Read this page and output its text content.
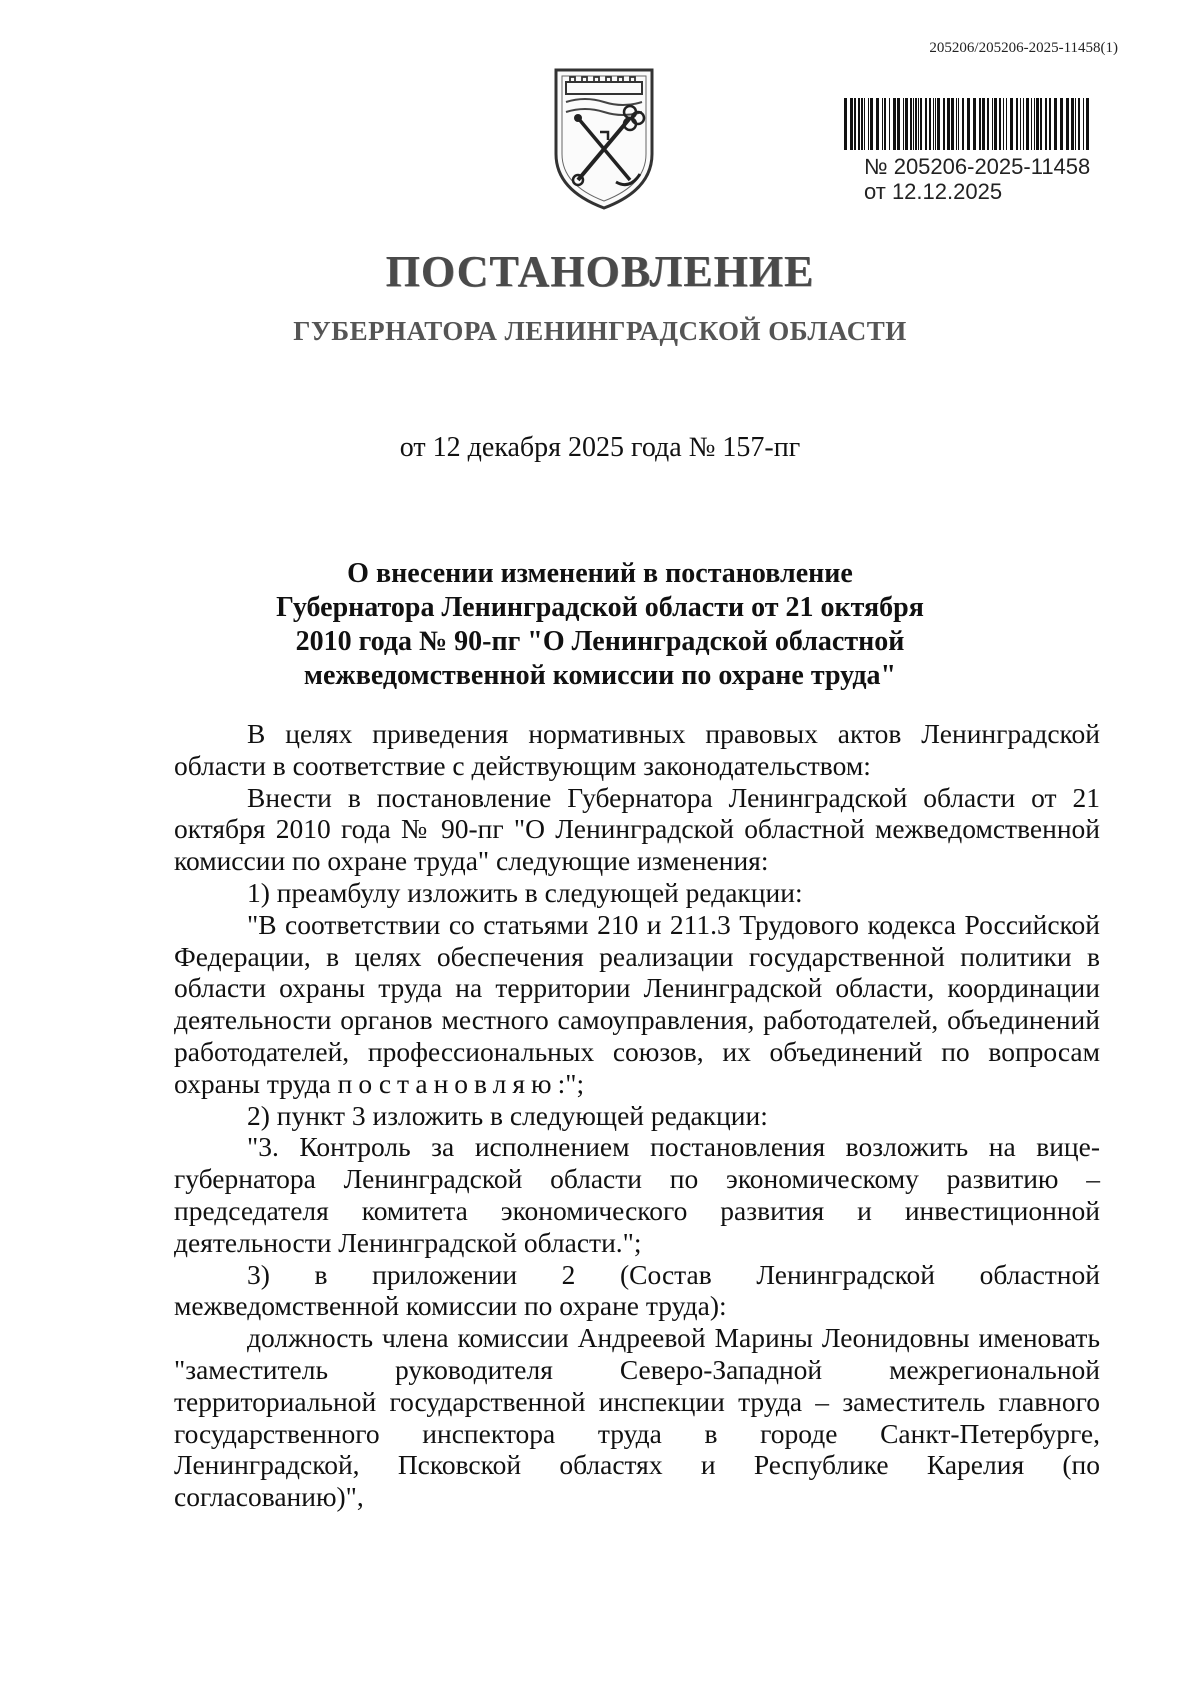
205206/205206-2025-11458(1)
№ 205206-2025-11458
от 12.12.2025
ПОСТАНОВЛЕНИЕ
ГУБЕРНАТОРА ЛЕНИНГРАДСКОЙ ОБЛАСТИ
от 12 декабря 2025 года № 157-пг
О внесении изменений в постановление
Губернатора Ленинградской области от 21 октября
2010 года № 90-пг "О Ленинградской областной
межведомственной комиссии по охране труда"

В целях приведения нормативных правовых актов Ленинградской области в соответствие с действующим законодательством:

Внести в постановление Губернатора Ленинградской области от 21 октября 2010 года № 90-пг "О Ленинградской областной межведомственной комиссии по охране труда" следующие изменения:

1) преамбулу изложить в следующей редакции:

"В соответствии со статьями 210 и 211.3 Трудового кодекса Российской Федерации, в целях обеспечения реализации государственной политики в области охраны труда на территории Ленинградской области, координации деятельности органов местного самоуправления, работодателей, объединений работодателей, профессиональных союзов, их объединений по вопросам охраны труда постановляю:";

2) пункт 3 изложить в следующей редакции:

"3. Контроль за исполнением постановления возложить на вице-губернатора Ленинградской области по экономическому развитию – председателя комитета экономического развития и инвестиционной деятельности Ленинградской области.";

3) в приложении 2 (Состав Ленинградской областной межведомственной комиссии по охране труда):

должность члена комиссии Андреевой Марины Леонидовны именовать "заместитель руководителя Северо-Западной межрегиональной территориальной государственной инспекции труда – заместитель главного государственного инспектора труда в городе Санкт-Петербурге, Ленинградской, Псковской областях и Республике Карелия (по согласованию)",
